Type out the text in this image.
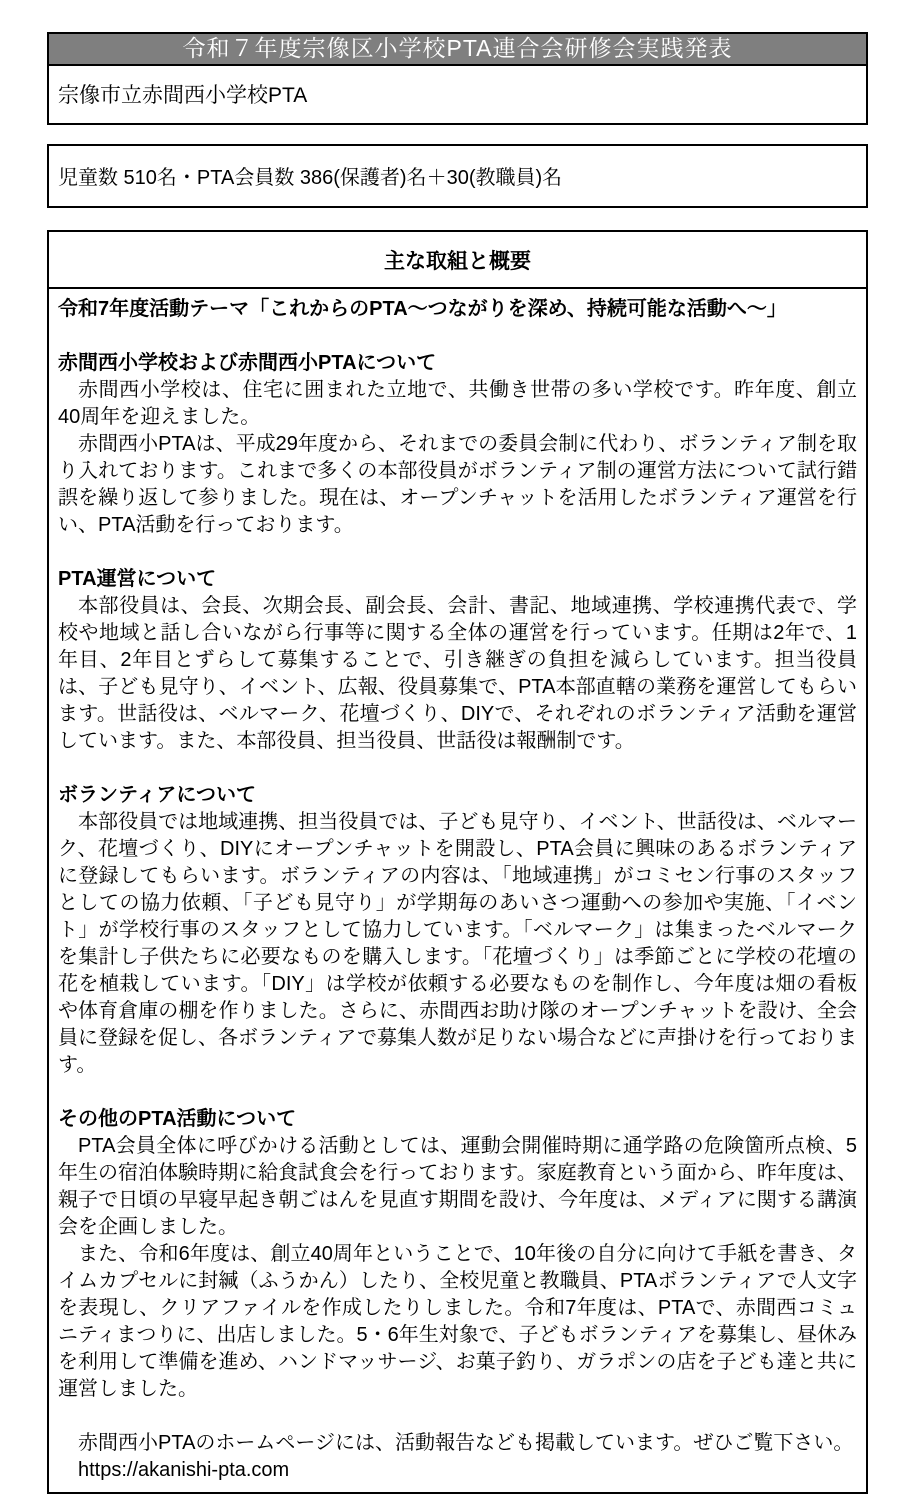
令和７年度宗像区小学校PTA連合会研修会実践発表
宗像市立赤間西小学校PTA
児童数 510名・PTA会員数 386(保護者)名＋30(教職員)名
主な取組と概要

令和7年度活動テーマ「これからのPTA～つながりを深め、持続可能な活動へ～」

赤間西小学校および赤間西小PTAについて

赤間西小学校は、住宅に囲まれた立地で、共働き世帯の多い学校です。昨年度、創立40周年を迎えました。

赤間西小PTAは、平成29年度から、それまでの委員会制に代わり、ボランティア制を取り入れております。これまで多くの本部役員がボランティア制の運営方法について試行錯誤を繰り返して参りました。現在は、オープンチャットを活用したボランティア運営を行い、PTA活動を行っております。

PTA運営について

本部役員は、会長、次期会長、副会長、会計、書記、地域連携、学校連携代表で、学校や地域と話し合いながら行事等に関する全体の運営を行っています。任期は2年で、1年目、2年目とずらして募集することで、引き継ぎの負担を減らしています。担当役員は、子ども見守り、イベント、広報、役員募集で、PTA本部直轄の業務を運営してもらいます。世話役は、ベルマーク、花壇づくり、DIYで、それぞれのボランティア活動を運営しています。また、本部役員、担当役員、世話役は報酬制です。

ボランティアについて

本部役員では地域連携、担当役員では、子ども見守り、イベント、世話役は、ベルマーク、花壇づくり、DIYにオープンチャットを開設し、PTA会員に興味のあるボランティアに登録してもらいます。ボランティアの内容は、「地域連携」がコミセン行事のスタッフとしての協力依頼、「子ども見守り」が学期毎のあいさつ運動への参加や実施、「イベント」が学校行事のスタッフとして協力しています。「ベルマーク」は集まったベルマークを集計し子供たちに必要なものを購入します。「花壇づくり」は季節ごとに学校の花壇の花を植栽しています。「DIY」は学校が依頼する必要なものを制作し、今年度は畑の看板や体育倉庫の棚を作りました。さらに、赤間西お助け隊のオープンチャットを設け、全会員に登録を促し、各ボランティアで募集人数が足りない場合などに声掛けを行っております。

その他のPTA活動について

PTA会員全体に呼びかける活動としては、運動会開催時期に通学路の危険箇所点検、5年生の宿泊体験時期に給食試食会を行っております。家庭教育という面から、昨年度は、親子で日頃の早寝早起き朝ごはんを見直す期間を設け、今年度は、メディアに関する講演会を企画しました。

また、令和6年度は、創立40周年ということで、10年後の自分に向けて手紙を書き、タイムカプセルに封緘（ふうかん）したり、全校児童と教職員、PTAボランティアで人文字を表現し、クリアファイルを作成したりしました。令和7年度は、PTAで、赤間西コミュニティまつりに、出店しました。5・6年生対象で、子どもボランティアを募集し、昼休みを利用して準備を進め、ハンドマッサージ、お菓子釣り、ガラポンの店を子ども達と共に運営しました。

赤間西小PTAのホームページには、活動報告なども掲載しています。ぜひご覧下さい。

https://akanishi-pta.com
